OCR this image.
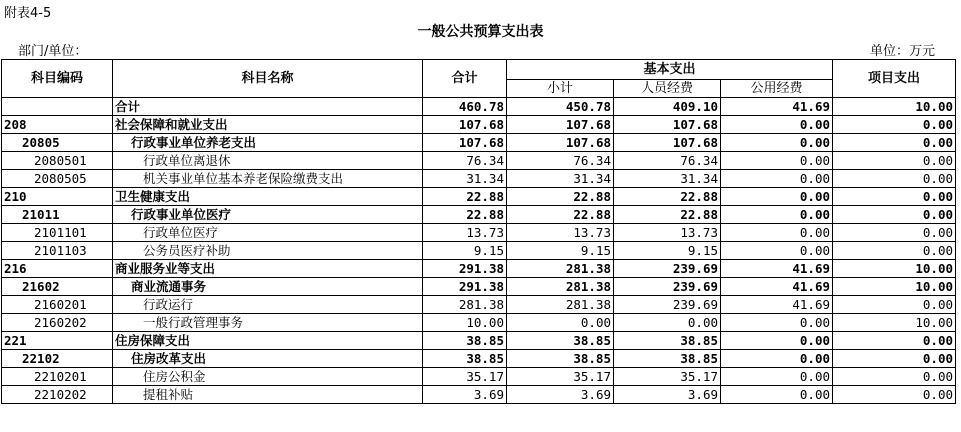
附表4-5
一般公共预算支出表
部门/单位：	单位：万元
科目编码	科目名称	合计	基本支出			项目支出
			小计	人员经费	公用经费	
	合计	460.78	450.78	409.10	41.69	10.00
208	社会保障和就业支出	107.68	107.68	107.68	0.00	0.00
20805	行政事业单位养老支出	107.68	107.68	107.68	0.00	0.00
2080501	行政单位离退休	76.34	76.34	76.34	0.00	0.00
2080505	机关事业单位基本养老保险缴费支出	31.34	31.34	31.34	0.00	0.00
210	卫生健康支出	22.88	22.88	22.88	0.00	0.00
21011	行政事业单位医疗	22.88	22.88	22.88	0.00	0.00
2101101	行政单位医疗	13.73	13.73	13.73	0.00	0.00
2101103	公务员医疗补助	9.15	9.15	9.15	0.00	0.00
216	商业服务业等支出	291.38	281.38	239.69	41.69	10.00
21602	商业流通事务	291.38	281.38	239.69	41.69	10.00
2160201	行政运行	281.38	281.38	239.69	41.69	0.00
2160202	一般行政管理事务	10.00	0.00	0.00	0.00	10.00
221	住房保障支出	38.85	38.85	38.85	0.00	0.00
22102	住房改革支出	38.85	38.85	38.85	0.00	0.00
2210201	住房公积金	35.17	35.17	35.17	0.00	0.00
2210202	提租补贴	3.69	3.69	3.69	0.00	0.00
